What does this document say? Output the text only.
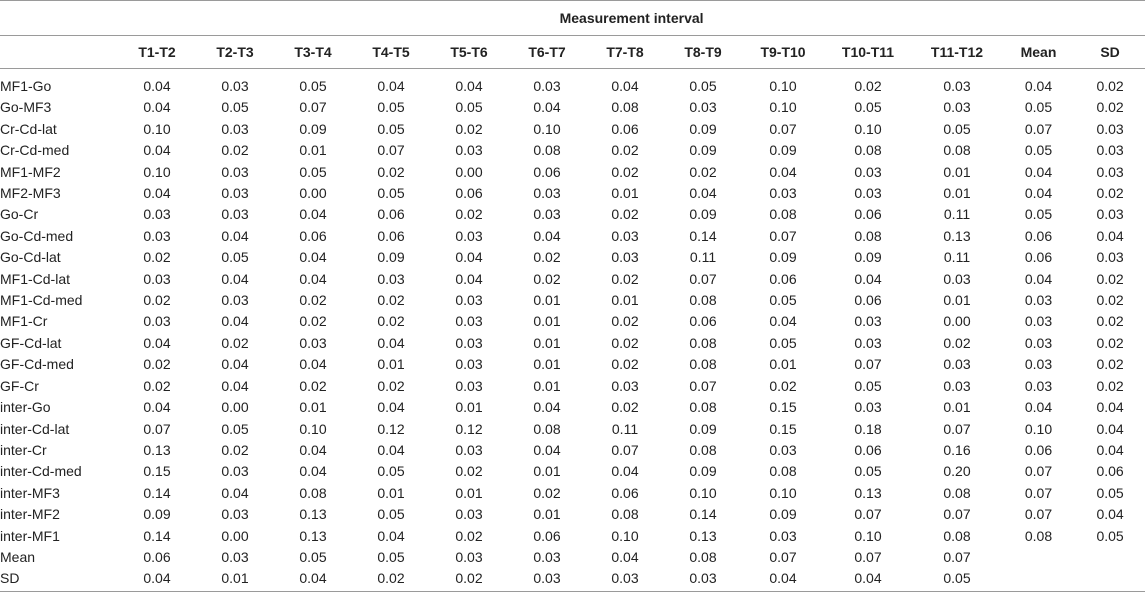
	Measurement interval												
	T1-T2	T2-T3	T3-T4	T4-T5	T5-T6	T6-T7	T7-T8	T8-T9	T9-T10	T10-T11	T11-T12	Mean	SD
MF1-Go	0.04	0.03	0.05	0.04	0.04	0.03	0.04	0.05	0.10	0.02	0.03	0.04	0.02
Go-MF3	0.04	0.05	0.07	0.05	0.05	0.04	0.08	0.03	0.10	0.05	0.03	0.05	0.02
Cr-Cd-lat	0.10	0.03	0.09	0.05	0.02	0.10	0.06	0.09	0.07	0.10	0.05	0.07	0.03
Cr-Cd-med	0.04	0.02	0.01	0.07	0.03	0.08	0.02	0.09	0.09	0.08	0.08	0.05	0.03
MF1-MF2	0.10	0.03	0.05	0.02	0.00	0.06	0.02	0.02	0.04	0.03	0.01	0.04	0.03
MF2-MF3	0.04	0.03	0.00	0.05	0.06	0.03	0.01	0.04	0.03	0.03	0.01	0.04	0.02
Go-Cr	0.03	0.03	0.04	0.06	0.02	0.03	0.02	0.09	0.08	0.06	0.11	0.05	0.03
Go-Cd-med	0.03	0.04	0.06	0.06	0.03	0.04	0.03	0.14	0.07	0.08	0.13	0.06	0.04
Go-Cd-lat	0.02	0.05	0.04	0.09	0.04	0.02	0.03	0.11	0.09	0.09	0.11	0.06	0.03
MF1-Cd-lat	0.03	0.04	0.04	0.03	0.04	0.02	0.02	0.07	0.06	0.04	0.03	0.04	0.02
MF1-Cd-med	0.02	0.03	0.02	0.02	0.03	0.01	0.01	0.08	0.05	0.06	0.01	0.03	0.02
MF1-Cr	0.03	0.04	0.02	0.02	0.03	0.01	0.02	0.06	0.04	0.03	0.00	0.03	0.02
GF-Cd-lat	0.04	0.02	0.03	0.04	0.03	0.01	0.02	0.08	0.05	0.03	0.02	0.03	0.02
GF-Cd-med	0.02	0.04	0.04	0.01	0.03	0.01	0.02	0.08	0.01	0.07	0.03	0.03	0.02
GF-Cr	0.02	0.04	0.02	0.02	0.03	0.01	0.03	0.07	0.02	0.05	0.03	0.03	0.02
inter-Go	0.04	0.00	0.01	0.04	0.01	0.04	0.02	0.08	0.15	0.03	0.01	0.04	0.04
inter-Cd-lat	0.07	0.05	0.10	0.12	0.12	0.08	0.11	0.09	0.15	0.18	0.07	0.10	0.04
inter-Cr	0.13	0.02	0.04	0.04	0.03	0.04	0.07	0.08	0.03	0.06	0.16	0.06	0.04
inter-Cd-med	0.15	0.03	0.04	0.05	0.02	0.01	0.04	0.09	0.08	0.05	0.20	0.07	0.06
inter-MF3	0.14	0.04	0.08	0.01	0.01	0.02	0.06	0.10	0.10	0.13	0.08	0.07	0.05
inter-MF2	0.09	0.03	0.13	0.05	0.03	0.01	0.08	0.14	0.09	0.07	0.07	0.07	0.04
inter-MF1	0.14	0.00	0.13	0.04	0.02	0.06	0.10	0.13	0.03	0.10	0.08	0.08	0.05
Mean	0.06	0.03	0.05	0.05	0.03	0.03	0.04	0.08	0.07	0.07	0.07		
SD	0.04	0.01	0.04	0.02	0.02	0.03	0.03	0.03	0.04	0.04	0.05		
